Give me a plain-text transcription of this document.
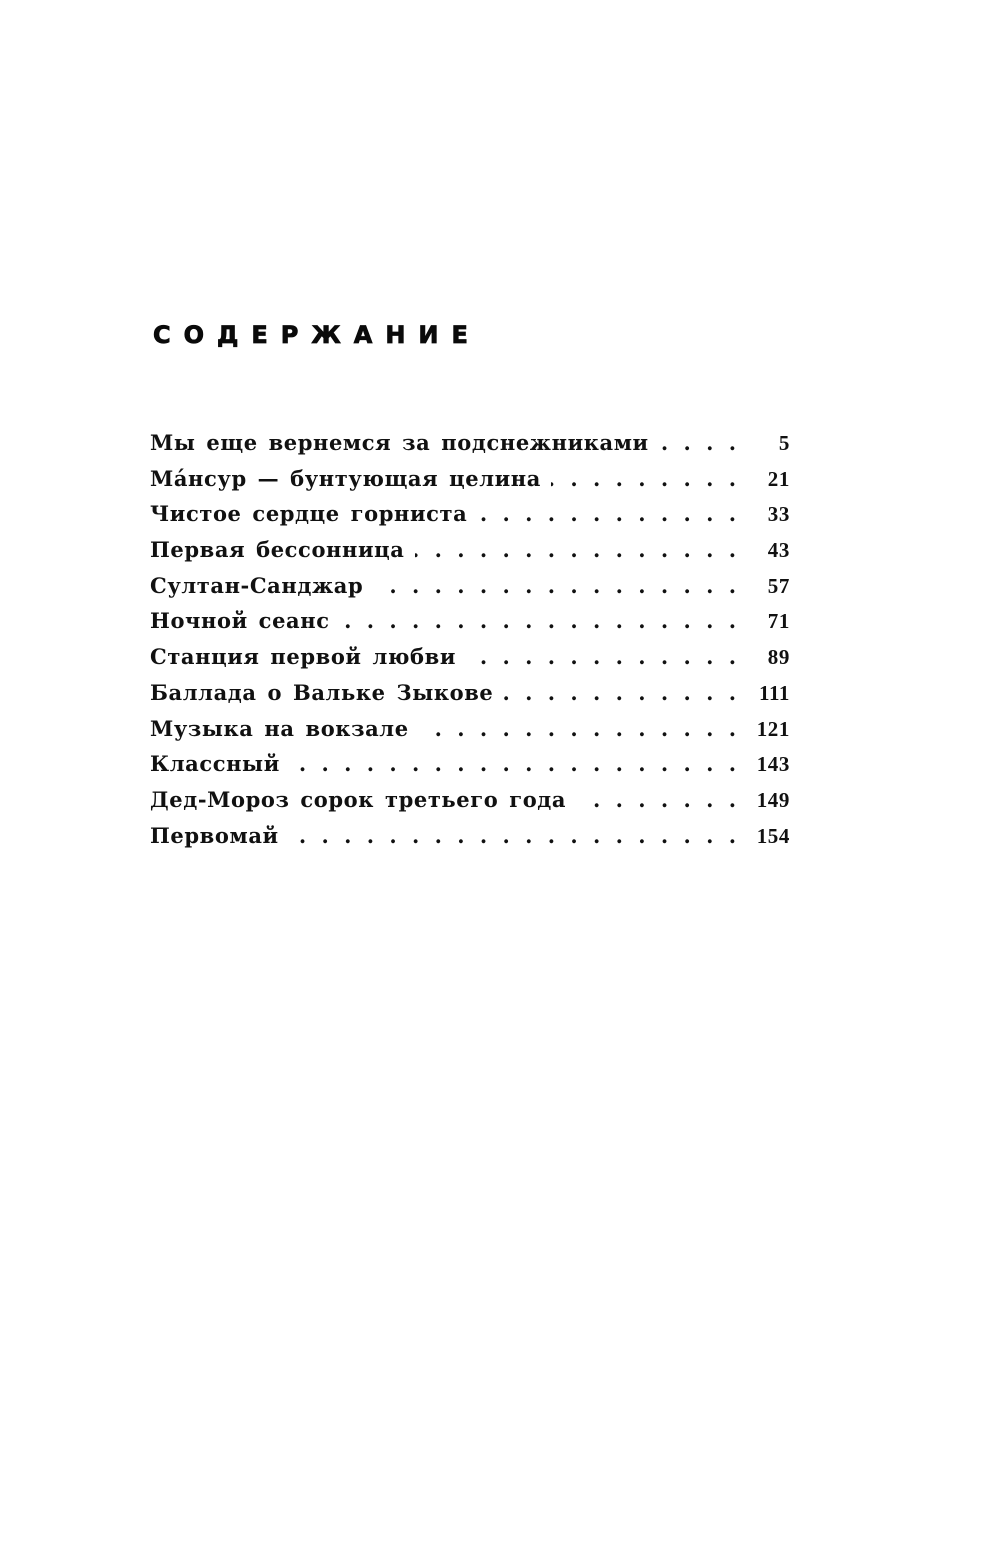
СОДЕРЖАНИЕ
Мы еще вернемся за подснежниками . . .	5
Ма́нсур — бунтующая целина . . .	21
Чистое сердце горниста . . .	33
Первая бессонница . . .	43
Султан-Санджар . . .	57
Ночной сеанс . . .	71
Станция первой любви . . .	89
Баллада о Вальке Зыкове . . .	111
Музыка на вокзале . . .	121
Классный . . .	143
Дед-Мороз сорок третьего года . . .	149
Первомай . . .	154
